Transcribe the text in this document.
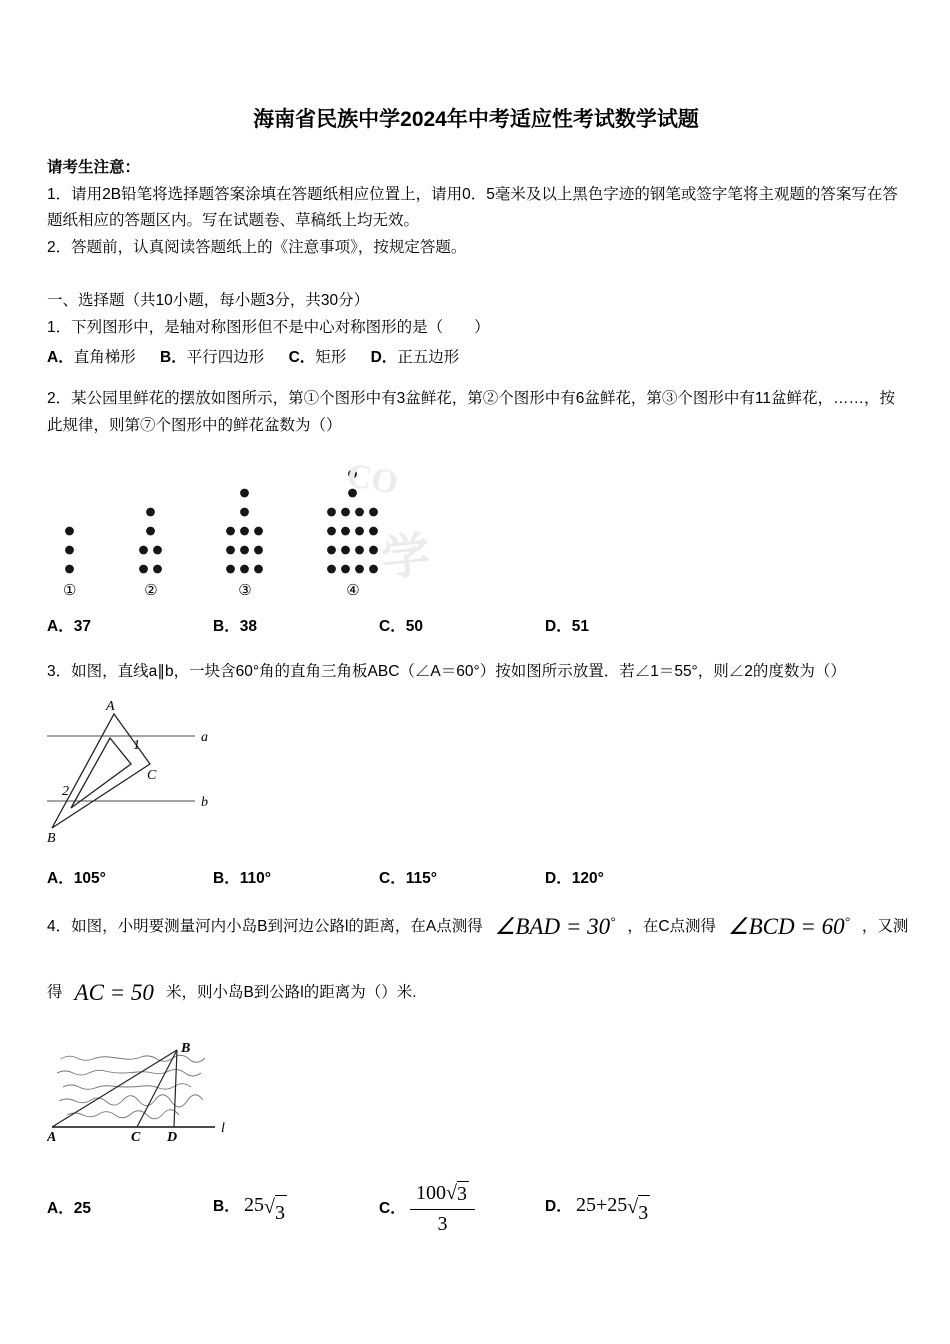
海南省民族中学2024年中考适应性考试数学试题

请考生注意：

1．请用2B铅笔将选择题答案涂填在答题纸相应位置上，请用0．5毫米及以上黑色字迹的钢笔或签字笔将主观题的答案写在答题纸相应的答题区内。写在试题卷、草稿纸上均无效。

2．答题前，认真阅读答题纸上的《注意事项》，按规定答题。

一、选择题（共10小题，每小题3分，共30分）

1．下列图形中，是轴对称图形但不是中心对称图形的是（　　）

A．直角梯形 B．平行四边形 C．矩形 D．正五边形

2．某公园里鲜花的摆放如图所示，第①个图形中有3盆鲜花，第②个图形中有6盆鲜花，第③个图形中有11盆鲜花，……，按此规律，则第⑦个图形中的鲜花盆数为（）

CO
学
①	②	③	④
A．37	B．38	C．50	D．51

3．如图，直线a∥b，一块含60°角的直角三角板ABC（∠A＝60°）按如图所示放置．若∠1＝55°，则∠2的度数为（）

A
1
C
2
B
a
b
A．105°	B．110°	C．115°	D．120°
4．如图，小明要测量河内小岛B到河边公路l的距离，在A点测得 ∠BAD = 30° ，在C点测得 ∠BCD = 60° ，又测
得 AC = 50 米，则小岛B到公路l的距离为（）米.
B
A	C D
l
A．25	B． 25 √ 3	C． $\frac{100 √ 3}{3}$	D． 25+25 √ 3
